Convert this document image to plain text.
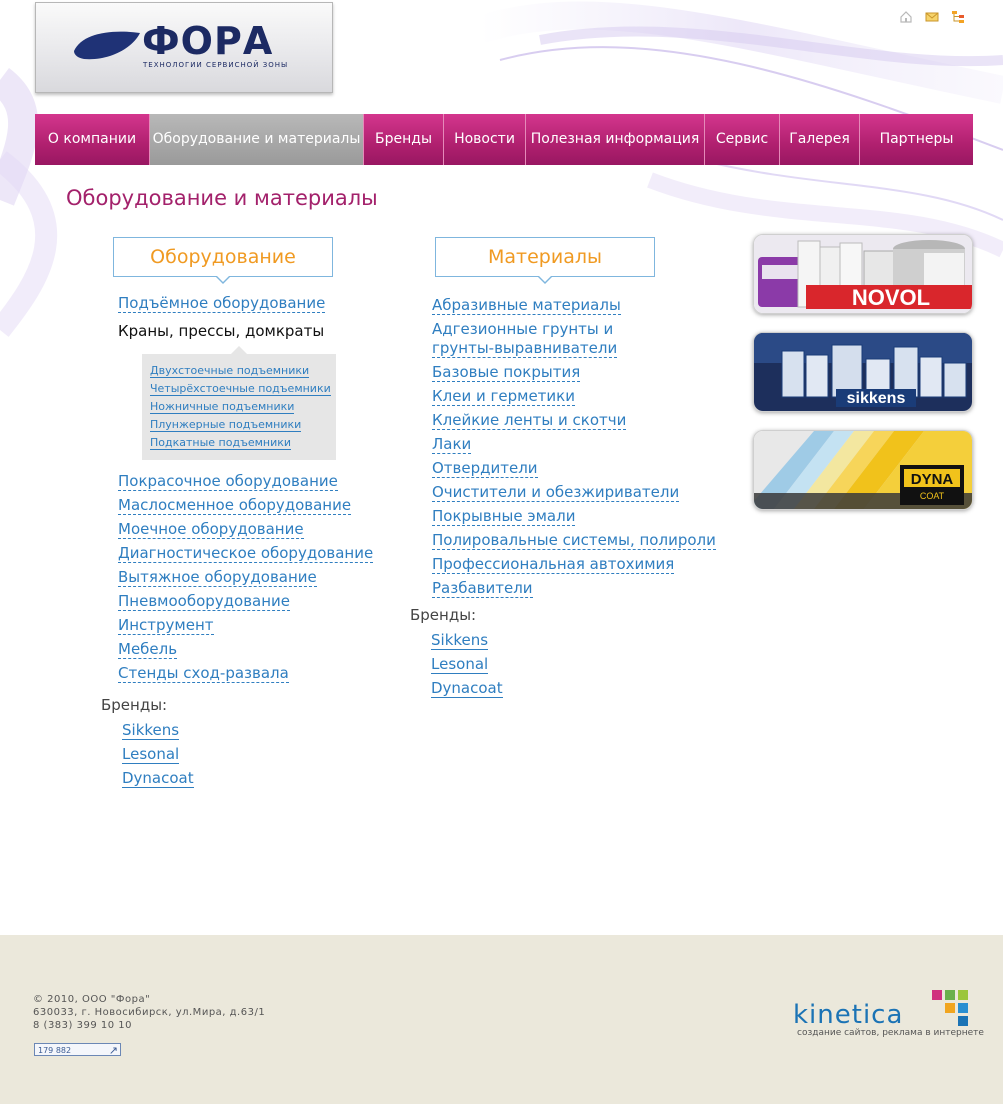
ФОРА
ТЕХНОЛОГИИ СЕРВИСНОЙ ЗОНЫ
О компании	Оборудование и материалы	Бренды	Новости	Полезная информация	Сервис	Галерея	Партнеры
Оборудование и материалы
Оборудование
Подъёмное оборудование
Краны, прессы, домкраты
Двухстоечные подъемники
Четырёхстоечные подъемники
Ножничные подъемники
Плунжерные подъемники
Подкатные подъемники
Покрасочное оборудование
Маслосменное оборудование
Моечное оборудование
Диагностическое оборудование
Вытяжное оборудование
Пневмооборудование
Инструмент
Мебель
Стенды сход-развала
Бренды:
Sikkens
Lesonal
Dynacoat
Материалы
Абразивные материалы
Адгезионные грунты и
грунты-выравниватели
Базовые покрытия
Клеи и герметики
Клейкие ленты и скотчи
Лаки
Отвердители
Очистители и обезжириватели
Покрывные эмали
Полировальные системы, полироли
Профессиональная автохимия
Разбавители
Бренды:
Sikkens
Lesonal
Dynacoat
NOVOL
sikkens
DYNA
COAT
© 2010, ООО "Фора"
630033, г. Новосибирск, ул.Мира, д.63/1
8 (383) 399 10 10
179 882	↗
kinetica
создание сайтов, реклама в интернете
